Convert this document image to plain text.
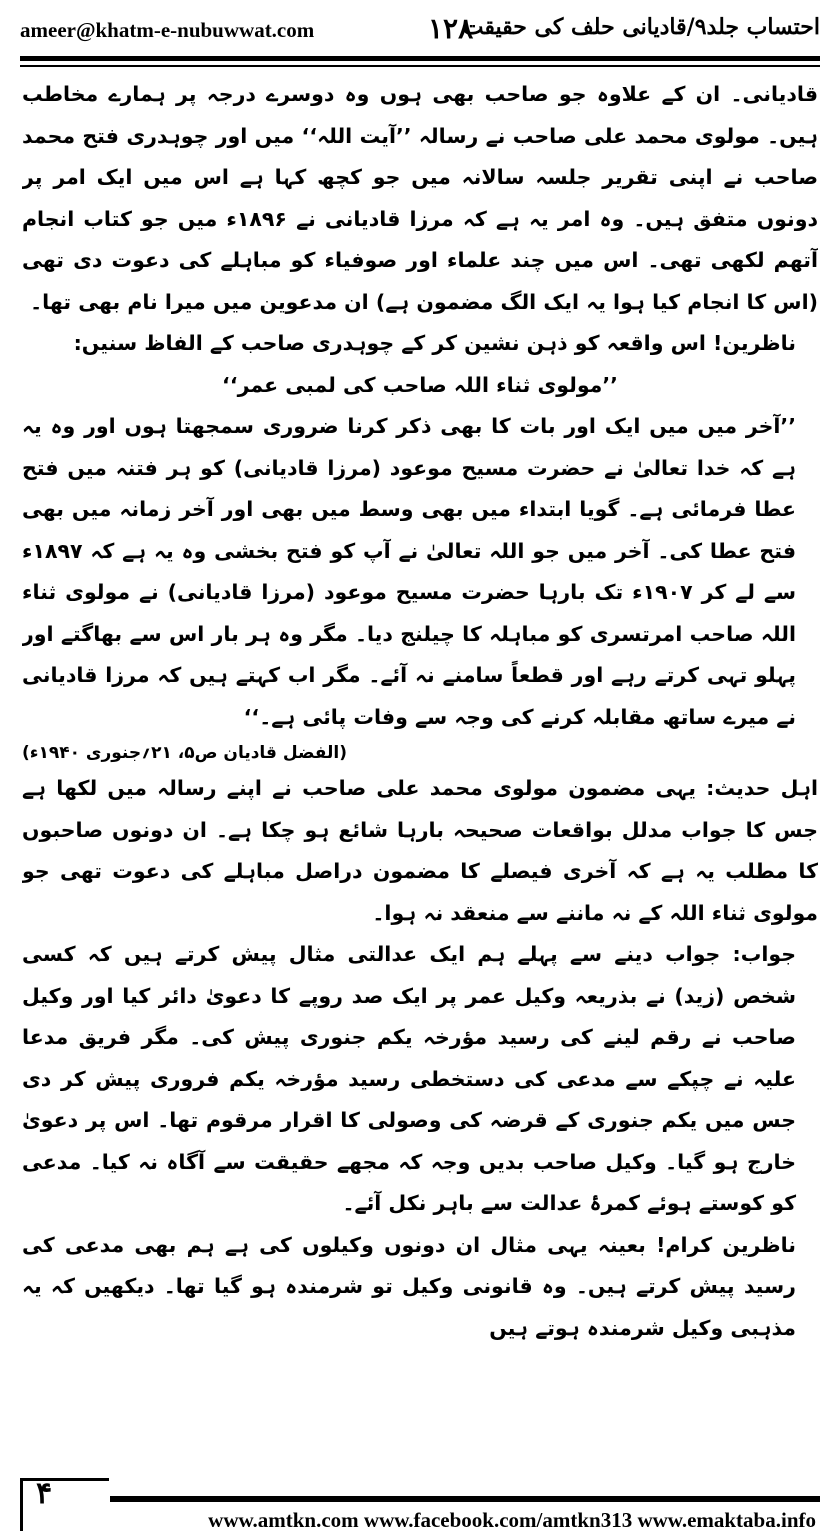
ameer@khatm-e-nubuwwat.com	۱۲۸
احتساب جلد۹/قادیانی حلف کی حقیقت

قادیانی۔ ان کے علاوہ جو صاحب بھی ہوں وہ دوسرے درجہ پر ہمارے مخاطب ہیں۔ مولوی محمد علی صاحب نے رسالہ ’’آیت اللہ‘‘ میں اور چوہدری فتح محمد صاحب نے اپنی تقریر جلسہ سالانہ میں جو کچھ کہا ہے اس میں ایک امر پر دونوں متفق ہیں۔ وہ امر یہ ہے کہ مرزا قادیانی نے ۱۸۹۶ء میں جو کتاب انجام آتھم لکھی تھی۔ اس میں چند علماء اور صوفیاء کو مباہلے کی دعوت دی تھی (اس کا انجام کیا ہوا یہ ایک الگ مضمون ہے) ان مدعوین میں میرا نام بھی تھا۔

ناظرین! اس واقعہ کو ذہن نشین کر کے چوہدری صاحب کے الفاظ سنیں:

’’مولوی ثناء اللہ صاحب کی لمبی عمر‘‘

’’آخر میں میں ایک اور بات کا بھی ذکر کرنا ضروری سمجھتا ہوں اور وہ یہ ہے کہ خدا تعالیٰ نے حضرت مسیح موعود (مرزا قادیانی) کو ہر فتنہ میں فتح عطا فرمائی ہے۔ گویا ابتداء میں بھی وسط میں بھی اور آخر زمانہ میں بھی فتح عطا کی۔ آخر میں جو اللہ تعالیٰ نے آپ کو فتح بخشی وہ یہ ہے کہ ۱۸۹۷ء سے لے کر ۱۹۰۷ء تک بارہا حضرت مسیح موعود (مرزا قادیانی) نے مولوی ثناء اللہ صاحب امرتسری کو مباہلہ کا چیلنج دیا۔ مگر وہ ہر بار اس سے بھاگتے اور پہلو تہی کرتے رہے اور قطعاً سامنے نہ آئے۔ مگر اب کہتے ہیں کہ مرزا قادیانی نے میرے ساتھ مقابلہ کرنے کی وجہ سے وفات پائی ہے۔‘‘

(الفضل قادیان ص۵، ۲۱؍جنوری ۱۹۴۰ء)

اہل حدیث: یہی مضمون مولوی محمد علی صاحب نے اپنے رسالہ میں لکھا ہے جس کا جواب مدلل بواقعات صحیحہ بارہا شائع ہو چکا ہے۔ ان دونوں صاحبوں کا مطلب یہ ہے کہ آخری فیصلے کا مضمون دراصل مباہلے کی دعوت تھی جو مولوی ثناء اللہ کے نہ ماننے سے منعقد نہ ہوا۔

جواب: جواب دینے سے پہلے ہم ایک عدالتی مثال پیش کرتے ہیں کہ کسی شخص (زید) نے بذریعہ وکیل عمر پر ایک صد روپے کا دعویٰ دائر کیا اور وکیل صاحب نے رقم لینے کی رسید مؤرخہ یکم جنوری پیش کی۔ مگر فریق مدعا علیہ نے چپکے سے مدعی کی دستخطی رسید مؤرخہ یکم فروری پیش کر دی جس میں یکم جنوری کے قرضہ کی وصولی کا اقرار مرقوم تھا۔ اس پر دعویٰ خارج ہو گیا۔ وکیل صاحب بدیں وجہ کہ مجھے حقیقت سے آگاہ نہ کیا۔ مدعی کو کوستے ہوئے کمرۂ عدالت سے باہر نکل آئے۔

ناظرین کرام! بعینہ یہی مثال ان دونوں وکیلوں کی ہے ہم بھی مدعی کی رسید پیش کرتے ہیں۔ وہ قانونی وکیل تو شرمندہ ہو گیا تھا۔ دیکھیں کہ یہ مذہبی وکیل شرمندہ ہوتے ہیں

۴
www.amtkn.com www.facebook.com/amtkn313 www.emaktaba.info
